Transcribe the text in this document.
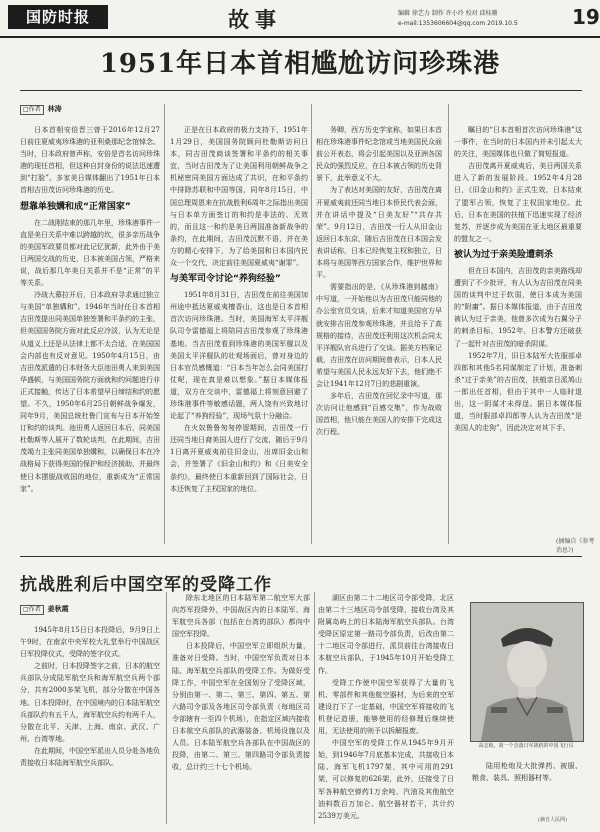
国防时报	故事	编辑 徐艺力 制作 许小玲 校对 邱桂珊
e-mail:1353606604@qq.com 2019.10.5	19
1951年日本首相尴尬访问珍珠港
□作者 林涛

日本首相安倍晋三曾于2016年12月27日前往夏威夷珍珠港的亚利桑那纪念馆悼念。当时，日本政府曾声称，安倍是首名访问珍珠港的现任首相，但这种自封身份的说法迅速遭到“打脸”。多家美日媒体翻出了1951年日本首相吉田茂访问珍珠港的历史。

想靠单独媾和成“正常国家”

在二战刚结束的那几年里，珍珠港事件一直是美日关系中难以跨越的坎，很多亲历战争的美国军政要员都对此记忆犹新，此外由于美日两国交战的历史，日本被美国占领，严格来说，战后那几年美日关系并不是“正常”的平等关系。

冷战大幕拉开后，日本政府寻求通过独立与美国“单独媾和”。1946年当时任日本首相吉田茂提出同美国单独签署和平条约的主张，但美国国务院方面对此反应冷淡，认为无论是从道义上还是从法律上都不太合适，在美国国会内部也有反对意见。1950年4月15日，由吉田茂派遣的日本财务大臣池田勇人来到美国华盛顿，与美国国务院方面就和约问题进行非正式接触，传达了日本希望早日缔结和约的愿望。不久，1950年6月25日朝鲜战争爆发，同年9月，美国总统杜鲁门宣布与日本开始签订和约的谈判。池田勇人返回日本后，同美国杜勒斯等人展开了数轮谈判，在此期间，吉田茂竭力主张同美国单独媾和，以确保日本在冷战格局下获得美国的保护和经济援助，并最终使日本摆脱战败国的地位，重新成为“正常国家”。

正是在日本政府的极力支持下，1951年1月29日，美国国务院顾问杜勒斯访问日本，同吉田茂商谈签署和平条约的相关事宜，当时吉田茂为了让美国利用朝鲜战争之机秘密同美国方面达成了共识，在和平条约中排除苏联和中国等国，同年8月15日，中国总理周恩来在抗战胜利6周年之际指出美国与日本单方面签订的和约是非法的、无效的，而且这一和约是美日两国准备新战争的条约，在此期间，吉田茂沉默不语，并在美方的精心安排下，为了给美国和日本国内民众一个交代，决定前往美国夏威夷“谢罪”。

与美军司令讨论“养狗经验”

1951年8月31日，吉田茂在前往美国加州途中抵达夏威夷檀香山，这也是日本首相首次访问珍珠港。当时，美国海军太平洋舰队司令雷德福上将陪同吉田茂参观了珍珠港基地。当吉田茂看到珍珠港的美国军舰以及美国太平洋舰队的壮观场面后，曾对身边的日本官员感慨道：“日本当年怎么会同美国打仗呢，现在真是难以想象。”据日本媒体报道，双方在交谈中，雷德福上将刻意回避了珍珠港事件等敏感话题，两人饶有兴致地讨论起了“养狗经验”，现场气氛十分融洽。

在火奴鲁鲁匆匆停留期间，吉田茂一行还同当地日裔美国人进行了交流，随后于9月1日离开夏威夷前往旧金山，出席旧金山和会，并签署了《旧金山和约》和《日美安全条约》，最终使日本重新回到了国际社会，日本还恢复了主权国家的地位。

务卿，西方历史学家称，如果日本首相在珍珠港事件纪念馆或当地美国民众面前公开表态，将会引起美国以及亚洲各国民众的强烈反应，在日本被占领的历史背景下，此举意义不大。

为了表达对美国的友好，吉田茂在离开夏威夷前还同当地日本侨民代表会面，并在讲话中提及“日美友好”“共存共荣”。9月12日，吉田茂一行人从旧金山返回日本东京，随后吉田茂在日本国会发表讲话称，日本已经恢复主权和独立，日本将与美国等西方国家合作，维护世界和平。

需要指出的是，《从珍珠港到越南》中写道，一开始他以为吉田茂只能同他的办公室官员交谈，后来才知道美国官方早就安排吉田茂参观珍珠港，并且给予了高规格的接待，吉田茂还利用这次机会同太平洋舰队官兵进行了交谈。据美方档案记载，吉田茂在访问期间曾表示，日本人民希望与美国人民永远友好下去，他们绝不会让1941年12月7日的悲剧重演。

多年后，吉田茂在回忆录中写道，那次访问让他感到“百感交集”，作为战败国首相，他只能在美国人的安排下完成这次行程。

瞩目的“日本首相首次访问珍珠港”这一事件，在当时的日本国内并未引起太大的关注，美国媒体也只做了简短报道。

吉田茂离开夏威夷后，美日两国关系进入了新的发展阶段。1952年4月28日，《旧金山和约》正式生效，日本结束了盟军占领，恢复了主权国家地位。此后，日本在美国的扶植下迅速实现了经济复苏，并逐步成为美国在亚太地区最重要的盟友之一。

被认为过于亲美险遭刺杀

但在日本国内，吉田茂的亲美路线却遭到了不少批评，有人认为吉田茂在同美国的谈判中过于软弱，使日本成为美国的“附庸”。据日本媒体报道，由于吉田茂被认为过于亲美，他曾多次成为右翼分子的刺杀目标，1952年，日本警方还破获了一起针对吉田茂的暗杀阴谋。

1952年7月，旧日本陆军大佐服部卓四郎和其他5名同谋制定了计划，准备刺杀“过于亲美”的吉田茂，扶植亲日派鸠山一郎出任首相，但由于其中一人临时退出，这一阴谋才未得逞。据日本媒体报道，当时服部卓四郎等人认为吉田茂“是美国人的走狗”，因此决定对其下手。

(摘编自《参考消息》)
抗战胜利后中国空军的受降工作
□作者 姜秋霞

1945年8月15日日本投降后，9月9日上午9时，在南京中央军校大礼堂举行中国战区日军投降仪式，受降的签字仪式。

之前时，日本投降签字之前，日本的航空兵部队分成陆军航空兵和海军航空兵两个部分，共有2000多架飞机，部分分散在中国各地。日本投降时，在中国境内的日本陆军航空兵部队约有五千人，海军航空兵约有两千人，分散在北平、天津、上海、南京、武汉、广州、台湾等地。

在此期间，中国空军派出人员分赴各地负责接收日本陆海军航空兵部队。

除东北地区的日本陆军第二航空军大部向苏军投降外，中国战区内的日本陆军、海军航空兵各部（包括在台湾的部队）都向中国空军投降。

日本投降后，中国空军立即组织力量，准备对日受降。当时，中国空军负责对日本陆、海军航空兵部队的受降工作。为做好受降工作，中国空军在全国划分了受降区域，分别由第一、第二、第三、第四、第五、第六路司令部及各地区司令部负责（每地区司令部辖有一至四个机场），在指定区域内接收日本航空兵部队的武器装备、机场设施以及人员。日本陆军航空兵各部队在中国战区的投降，由第二、第三、第四路司令部负责接收，总计约三十七个机场。

湖区由第二十二地区司令部受降，北区由第二十三地区司令部受降，接收台湾及其附属岛屿上的日本陆海军航空兵部队。台湾受降区原定第一路司令部负责，后改由第二十二地区司令部进行，派员前往台湾接收日本航空兵部队，于1945年10月开始受降工作。

受降工作使中国空军获得了大量的飞机、零部件和其他航空器材，为后来的空军建设打下了一定基础，中国空军将接收的飞机登记造册，能够使用的经修理后继续使用，无法使用的则予以拆解报废。

中国空军的受降工作从1945年9月开始，到1946年7月底基本完成，共接收日本陆、海军飞机1797架，其中可用的291架，可以修复的626架，此外，还接受了日军各种航空弹药1万余吨、汽油及其他航空油料数百万加仑、航空器材若干，共计约2539万美元。

高志航，第一个击落日军战机的中国飞行员

陆用枪炮及大批弹药、被服、粮食、装具、照相器材等。

(摘自人民网)
